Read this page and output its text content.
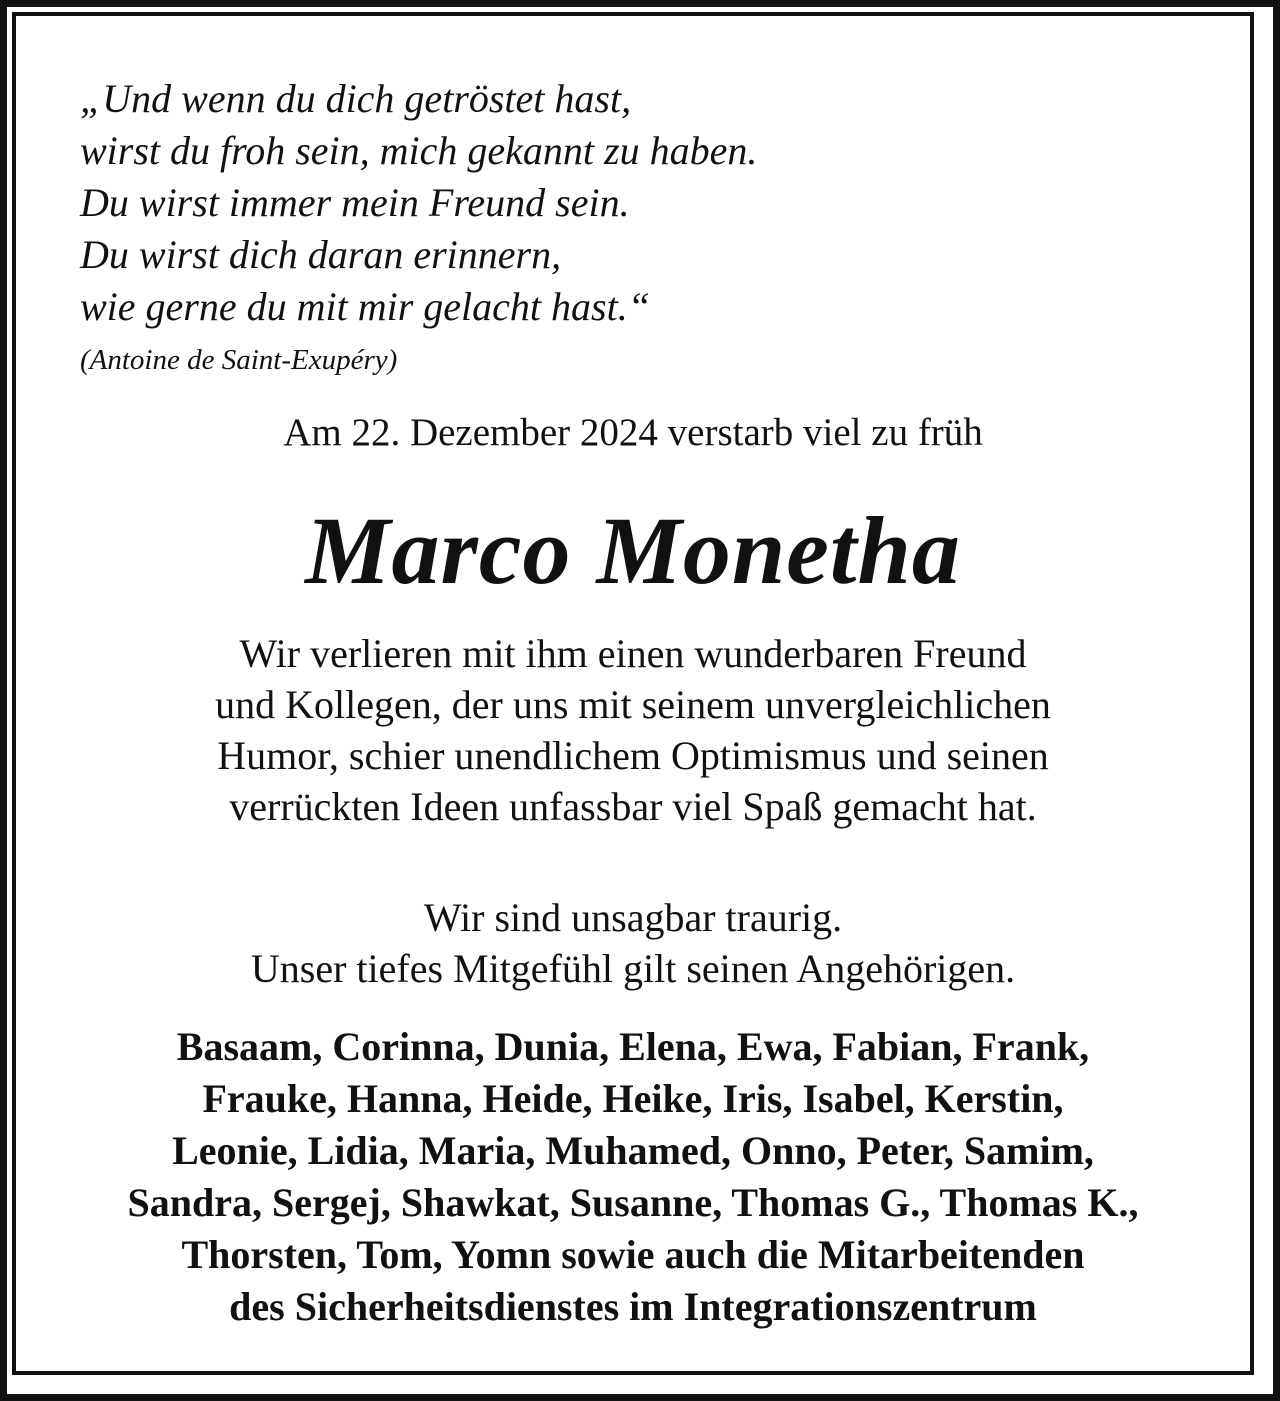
„Und wenn du dich getröstet hast,
wirst du froh sein, mich gekannt zu haben.
Du wirst immer mein Freund sein.
Du wirst dich daran erinnern,
wie gerne du mit mir gelacht hast.“
(Antoine de Saint-Exupéry)
Am 22. Dezember 2024 verstarb viel zu früh
Marco Monetha
Wir verlieren mit ihm einen wunderbaren Freund
und Kollegen, der uns mit seinem unvergleichlichen
Humor, schier unendlichem Optimismus und seinen
verrückten Ideen unfassbar viel Spaß gemacht hat.
Wir sind unsagbar traurig.
Unser tiefes Mitgefühl gilt seinen Angehörigen.
Basaam, Corinna, Dunia, Elena, Ewa, Fabian, Frank,
Frauke, Hanna, Heide, Heike, Iris, Isabel, Kerstin,
Leonie, Lidia, Maria, Muhamed, Onno, Peter, Samim,
Sandra, Sergej, Shawkat, Susanne, Thomas G., Thomas K.,
Thorsten, Tom, Yomn sowie auch die Mitarbeitenden
des Sicherheitsdienstes im Integrationszentrum
